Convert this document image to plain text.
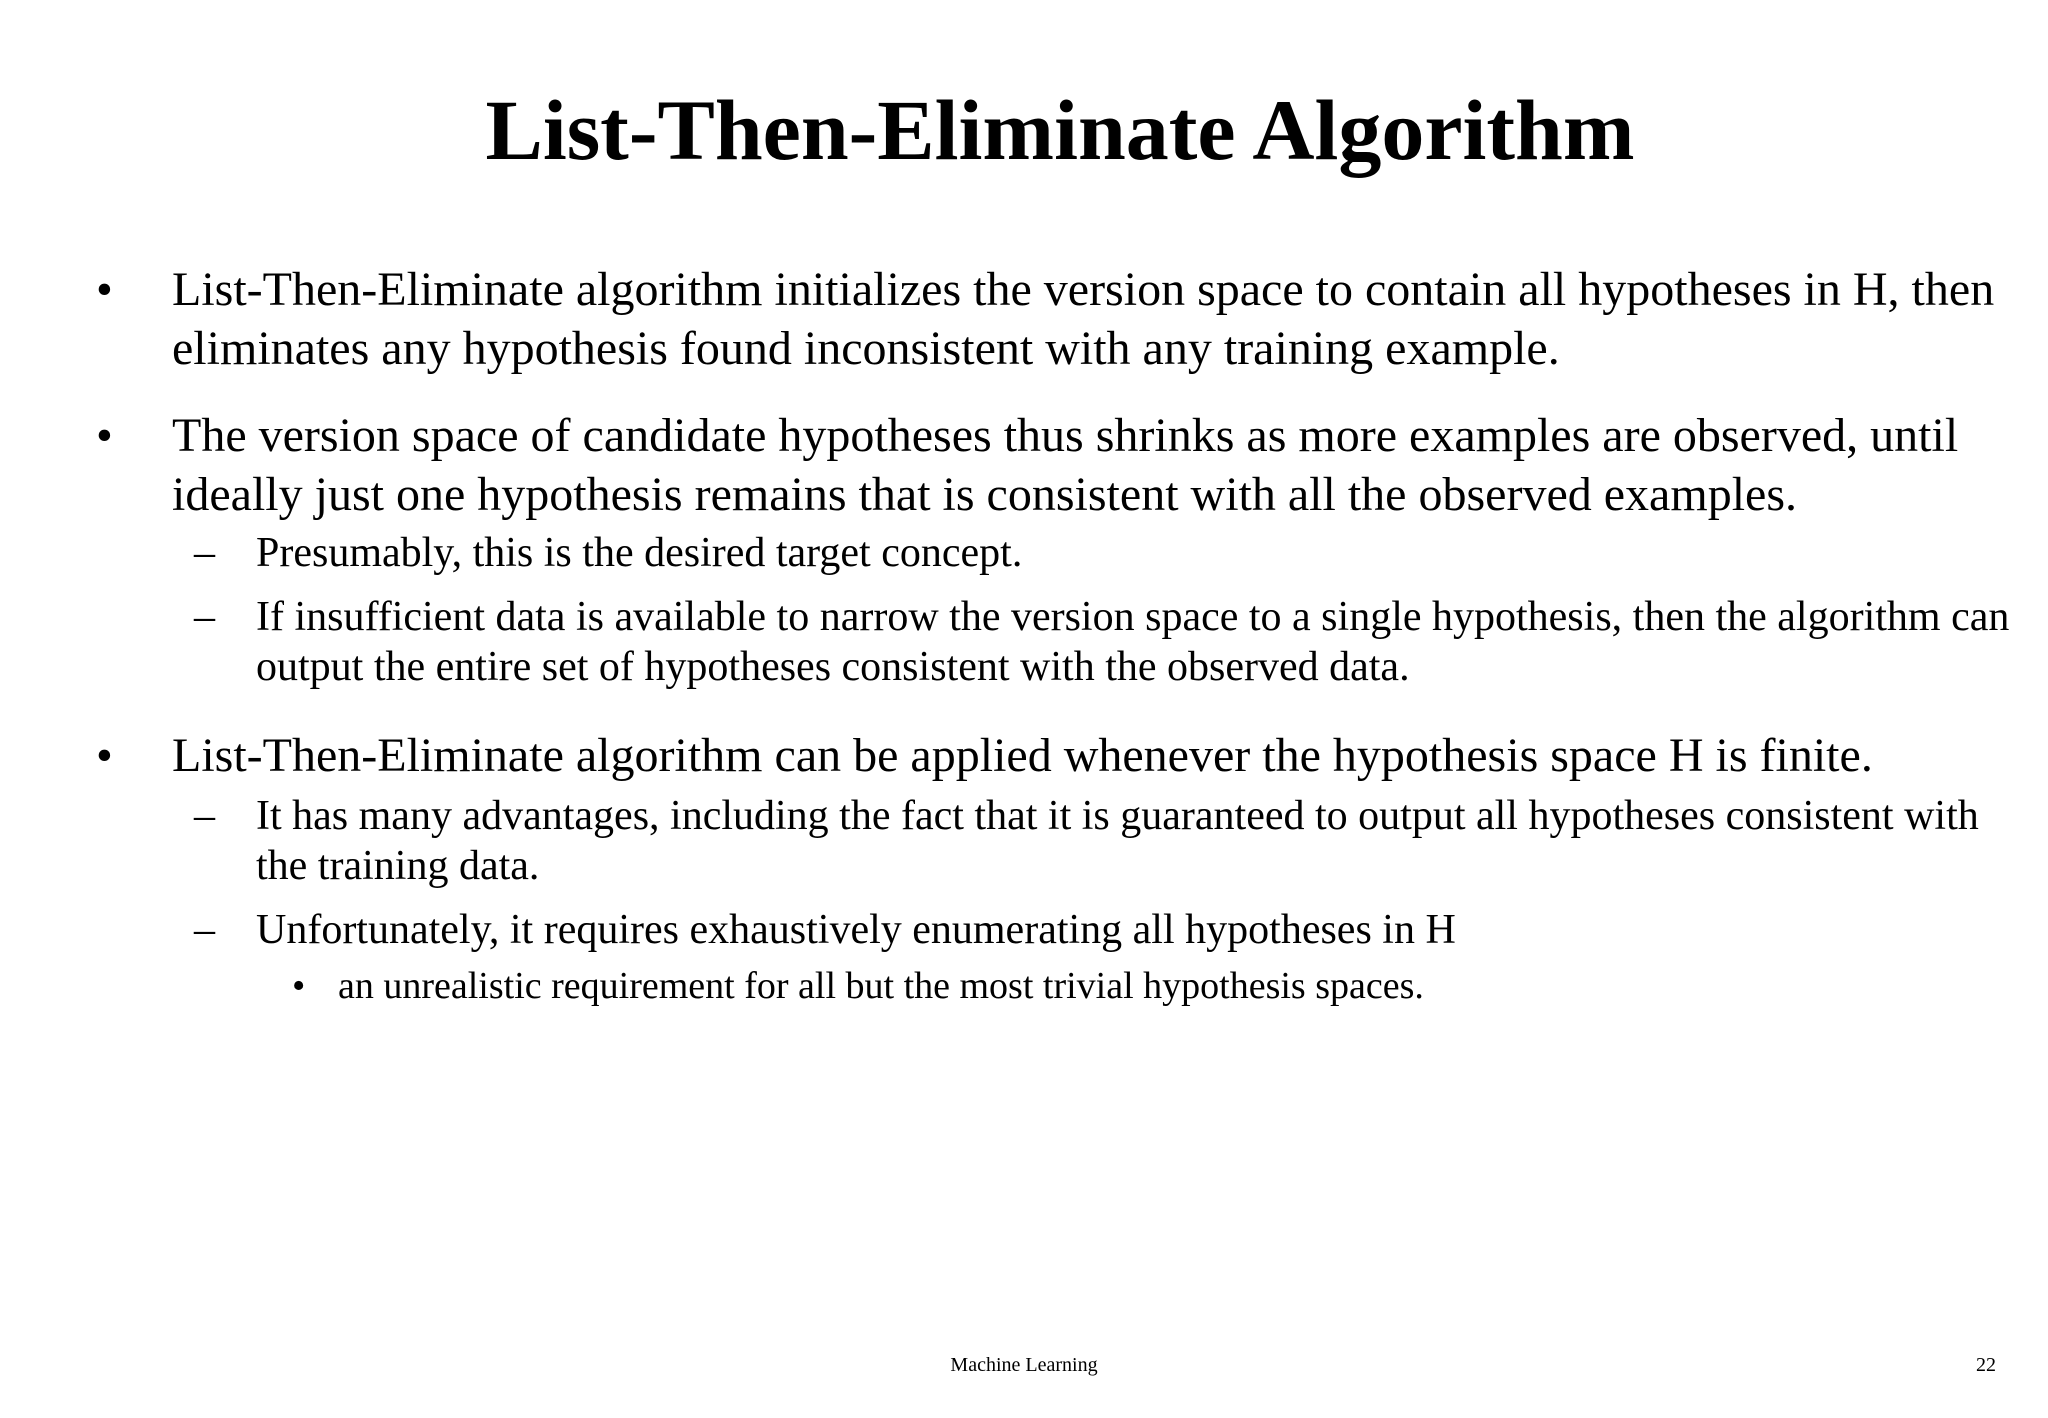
List-Then-Eliminate Algorithm
• List-Then-Eliminate algorithm initializes the version space to contain all hypotheses in H, then eliminates any hypothesis found inconsistent with any training example.
• The version space of candidate hypotheses thus shrinks as more examples are observed, until ideally just one hypothesis remains that is consistent with all the observed examples.
– Presumably, this is the desired target concept.
– If insufficient data is available to narrow the version space to a single hypothesis, then the algorithm can output the entire set of hypotheses consistent with the observed data.
• List-Then-Eliminate algorithm can be applied whenever the hypothesis space H is finite.
– It has many advantages, including the fact that it is guaranteed to output all hypotheses consistent with the training data.
– Unfortunately, it requires exhaustively enumerating all hypotheses in H
• an unrealistic requirement for all but the most trivial hypothesis spaces.
Machine Learning	22
